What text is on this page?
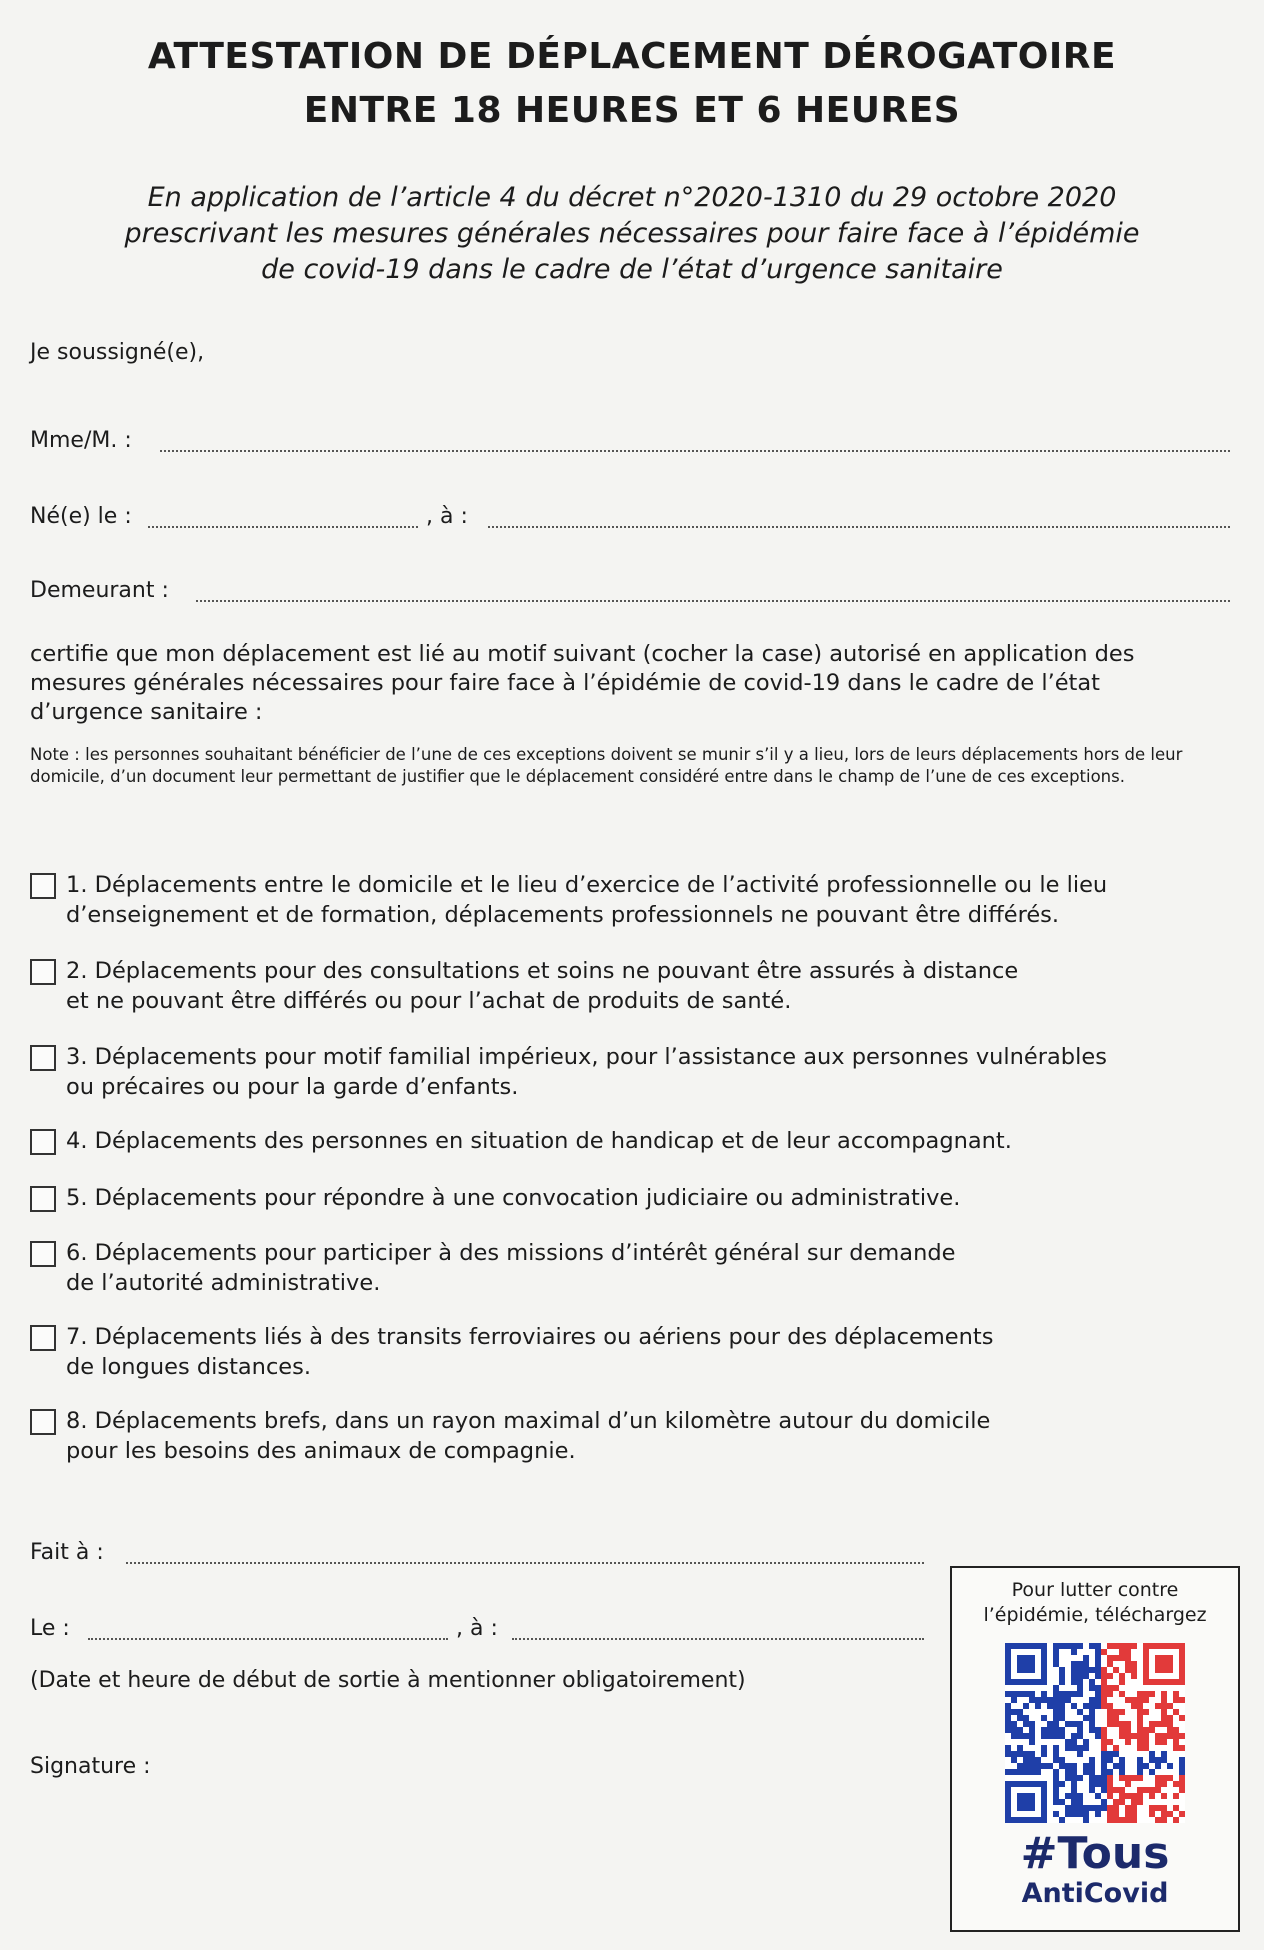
ATTESTATION DE DÉPLACEMENT DÉROGATOIRE
ENTRE 18 HEURES ET 6 HEURES
En application de l’article 4 du décret n°2020-1310 du 29 octobre 2020
prescrivant les mesures générales nécessaires pour faire face à l’épidémie
de covid-19 dans le cadre de l’état d’urgence sanitaire
Je soussigné(e),
Mme/M. :
Né(e) le :	, à :
Demeurant :
certifie que mon déplacement est lié au motif suivant (cocher la case) autorisé en application des mesures générales nécessaires pour faire face à l’épidémie de covid-19 dans le cadre de l’état d’urgence sanitaire :
Note : les personnes souhaitant bénéficier de l’une de ces exceptions doivent se munir s’il y a lieu, lors de leurs déplacements hors de leur domicile, d’un document leur permettant de justifier que le déplacement considéré entre dans le champ de l’une de ces exceptions.
1. Déplacements entre le domicile et le lieu d’exercice de l’activité professionnelle ou le lieu
d’enseignement et de formation, déplacements professionnels ne pouvant être différés.
2. Déplacements pour des consultations et soins ne pouvant être assurés à distance
et ne pouvant être différés ou pour l’achat de produits de santé.
3. Déplacements pour motif familial impérieux, pour l’assistance aux personnes vulnérables
ou précaires ou pour la garde d’enfants.
4. Déplacements des personnes en situation de handicap et de leur accompagnant.
5. Déplacements pour répondre à une convocation judiciaire ou administrative.
6. Déplacements pour participer à des missions d’intérêt général sur demande
de l’autorité administrative.
7. Déplacements liés à des transits ferroviaires ou aériens pour des déplacements
de longues distances.
8. Déplacements brefs, dans un rayon maximal d’un kilomètre autour du domicile
pour les besoins des animaux de compagnie.
Fait à :
Le :	, à :
(Date et heure de début de sortie à mentionner obligatoirement)
Signature :
Pour lutter contre
l’épidémie, téléchargez
#Tous
AntiCovid
